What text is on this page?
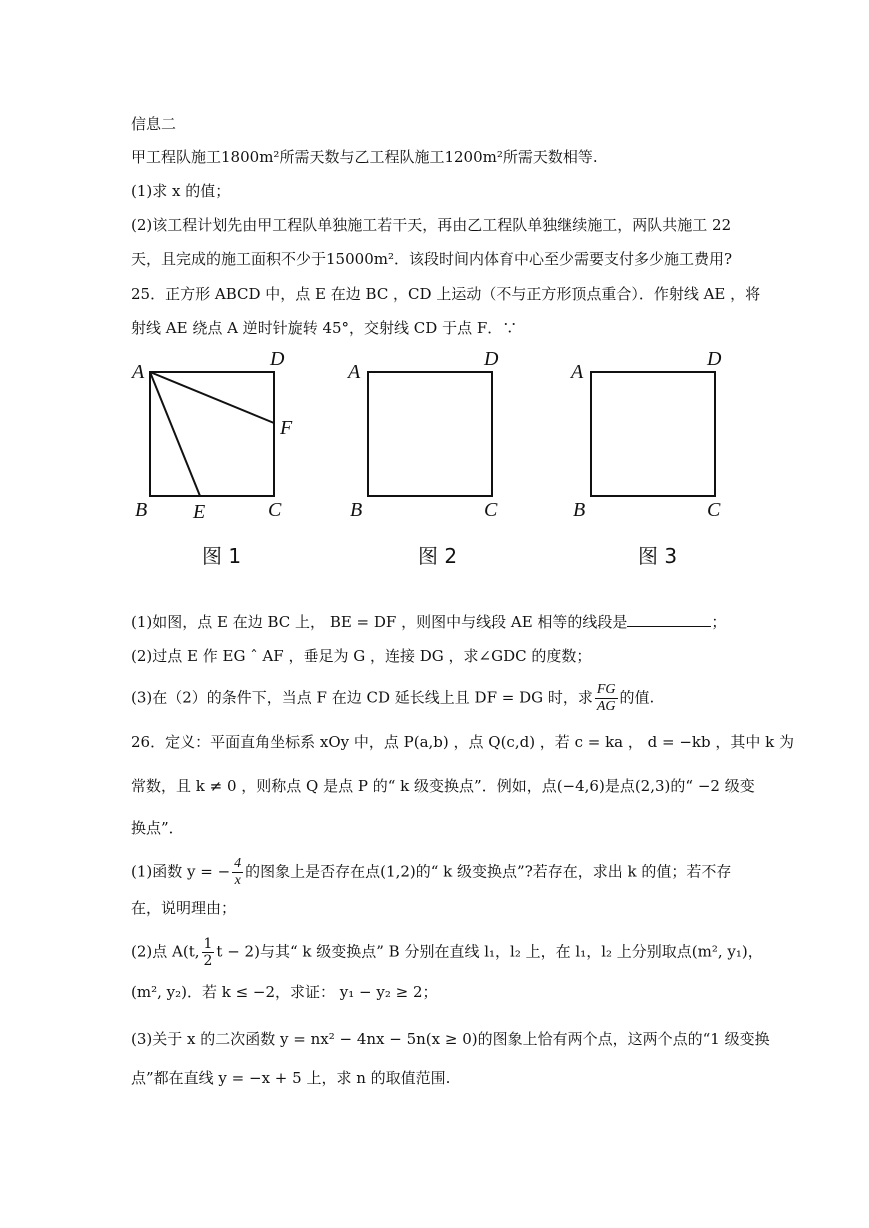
信息二
甲工程队施工1800m²所需天数与乙工程队施工1200m²所需天数相等.
(1)求 x 的值；
(2)该工程计划先由甲工程队单独施工若干天，再由乙工程队单独继续施工，两队共施工 22
天，且完成的施工面积不少于15000m²．该段时间内体育中心至少需要支付多少施工费用?
25．正方形 ABCD 中，点 E 在边 BC ，CD 上运动（不与正方形顶点重合）．作射线 AE ，将
射线 AE 绕点 A 逆时针旋转 45°，交射线 CD 于点 F．∵
A
D
F
B E	C
图 1
A
D
B	C
图 2
A
D
B	C
图 3
(1)如图，点 E 在边 BC 上， BE = DF ，则图中与线段 AE 相等的线段是	；
(2)过点 E 作 EG ˆ AF ，垂足为 G ，连接 DG ，求∠GDC 的度数；
(3)在（2）的条件下，当点 F 在边 CD 延长线上且 DF = DG 时，求 $\frac{FG}{AG}$ 的值.
26．定义：平面直角坐标系 xOy 中，点 P(a,b) ，点 Q(c,d) ，若 c = ka ， d = −kb ，其中 k 为
常数，且 k ≠ 0 ，则称点 Q 是点 P 的“ k 级变换点”．例如，点(−4,6)是点(2,3)的“ −2 级变
换点”．
(1)函数 y = − $\frac{4}{x}$ 的图象上是否存在点(1,2)的“ k 级变换点”?若存在，求出 k 的值；若不存
在，说明理由；
(2)点 A(t, $\frac{1}{2}$ t − 2)与其“ k 级变换点” B 分别在直线 l₁，l₂ 上，在 l₁，l₂ 上分别取点(m², y₁)，
(m², y₂)．若 k ≤ −2，求证： y₁ − y₂ ≥ 2；
(3)关于 x 的二次函数 y = nx² − 4nx − 5n(x ≥ 0)的图象上恰有两个点，这两个点的“1 级变换
点”都在直线 y = −x + 5 上，求 n 的取值范围.
